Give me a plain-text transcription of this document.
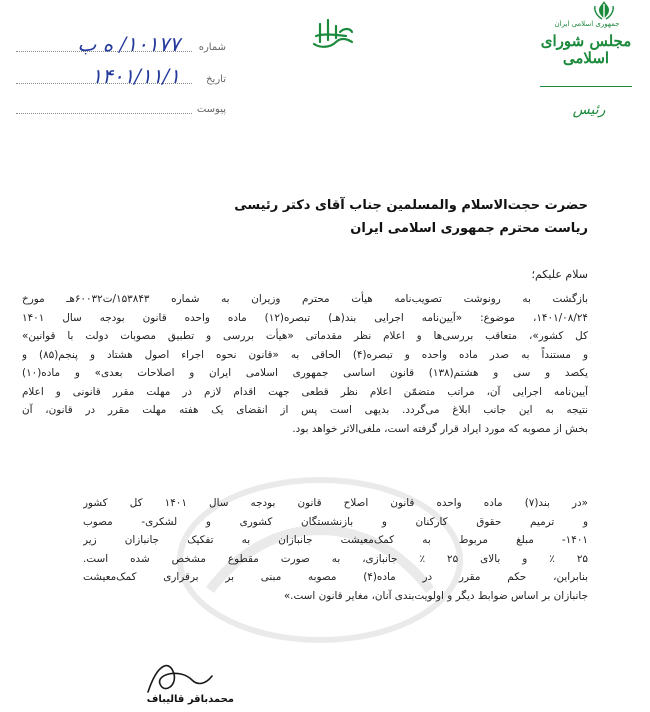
جمهوری اسلامی ایران
مجلس شورای اسلامی
رئیس
شماره
۱۰۱۷۷/ ه ب
تاریخ
۱۴۰۱/۱۱/۱
پیوست
حضرت حجت‌الاسلام والمسلمین جناب آقای دکتر رئیسی
ریاست محترم جمهوری اسلامی ایران
سلام علیکم؛
بازگشت به رونوشت تصویب‌نامه هیأت محترم وزیران به شماره ۱۵۳۸۴۳/ت۶۰۰۳۲هـ مورخ
۱۴۰۱/۰۸/۲۴، موضوع: «آیین‌نامه اجرایی بند(هـ) تبصره(۱۲) ماده واحده قانون بودجه سال ۱۴۰۱
کل کشور»، متعاقب بررسی‌ها و اعلام نظر مقدماتی «هیأت بررسی و تطبیق مصوبات دولت با قوانین»
و مستنداً به صدر ماده واحده و تبصره(۴) الحاقی به «قانون نحوه اجراء اصول هشتاد و پنجم(۸۵) و
یکصد و سی و هشتم(۱۳۸) قانون اساسی جمهوری اسلامی ایران و اصلاحات بعدی» و ماده(۱۰)
آیین‌نامه اجرایی آن، مراتب متضمّن اعلام نظر قطعی جهت اقدام لازم در مهلت مقرر قانونی و اعلام
نتیجه به این جانب ابلاغ می‌گردد. بدیهی است پس از انقضای یک هفته مهلت مقرر در قانون، آن
بخش از مصوبه که مورد ایراد قرار گرفته است، ملغی‌الاثر خواهد بود.
«در بند(۷) ماده واحده قانون اصلاح قانون بودجه سال ۱۴۰۱ کل کشور
و ترمیم حقوق کارکنان و بازنشستگان کشوری و لشکری- مصوب
۱۴۰۱- مبلغ مربوط به کمک‌معیشت جانبازان به تفکیک جانبازان زیر
۲۵ ٪ و بالای ۲۵ ٪ جانبازی، به صورت مقطوع مشخص شده است.
بنابراین، حکم مقرر در ماده(۴) مصوبه مبنی بر برقراری کمک‌معیشت
جانبازان بر اساس ضوابط دیگر و اولویت‌بندی آنان، مغایر قانون است.»
محمدباقر قالیباف
